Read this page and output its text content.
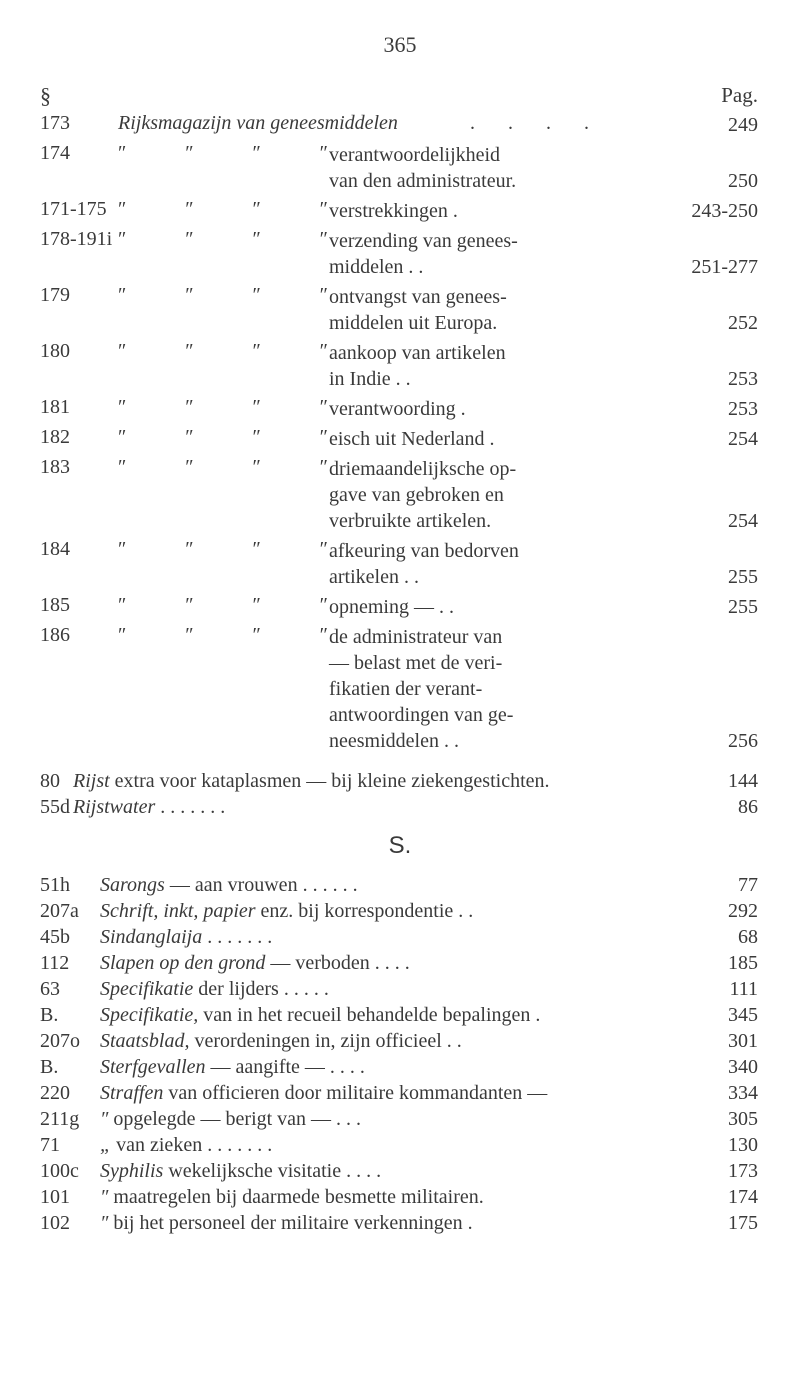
365
§	Pag.
173 Rijksmagazijn van geneesmiddelen	. . . .	249
174 ″	″	″	″ verantwoordelijkheid
van den administrateur.	250
171-175 ″	″	″	″ verstrekkingen .	243-250
178-191i ″	″	″	″ verzending van genees-
middelen . .	251-277
179 ″	″	″	″ ontvangst van genees-
middelen uit Europa.	252
180 ″	″	″	″ aankoop van artikelen
in Indie . .	253
181 ″	″	″	″ verantwoording .	253
182 ″	″	″	″ eisch uit Nederland .	254
183 ″	″	″	″ driemaandelijksche op-
gave van gebroken en
verbruikte artikelen.	254
184 ″	″	″	″ afkeuring van bedorven
artikelen . .	255
185 ″	″	″	″ opneming — . .	255
186 ″	″	″	″ de administrateur van
— belast met de veri-
fikatien der verant-
antwoordingen van ge-
neesmiddelen . .	256
80 Rijst extra voor kataplasmen — bij kleine ziekengestichten.	144
55d Rijstwater . . . . . . .	86
S.
51h Sarongs — aan vrouwen . . . . . .	77
207a Schrift, inkt, papier enz. bij korrespondentie . .	292
45b Sindanglaija . . . . . . .	68
112 Slapen op den grond — verboden . . . .	185
63 Specifikatie der lijders . . . . .	111
B. Specifikatie, van in het recueil behandelde bepalingen .	345
207o Staatsblad, verordeningen in, zijn officieel . .	301
B. Sterfgevallen — aangifte — . . . .	340
220 Straffen van officieren door militaire kommandanten —	334
211g ″ opgelegde — berigt van — . . .	305
71 „ van zieken . . . . . . .	130
100c Syphilis wekelijksche visitatie . . . .	173
101 ″ maatregelen bij daarmede besmette militairen.	174
102 ″ bij het personeel der militaire verkenningen .	175
